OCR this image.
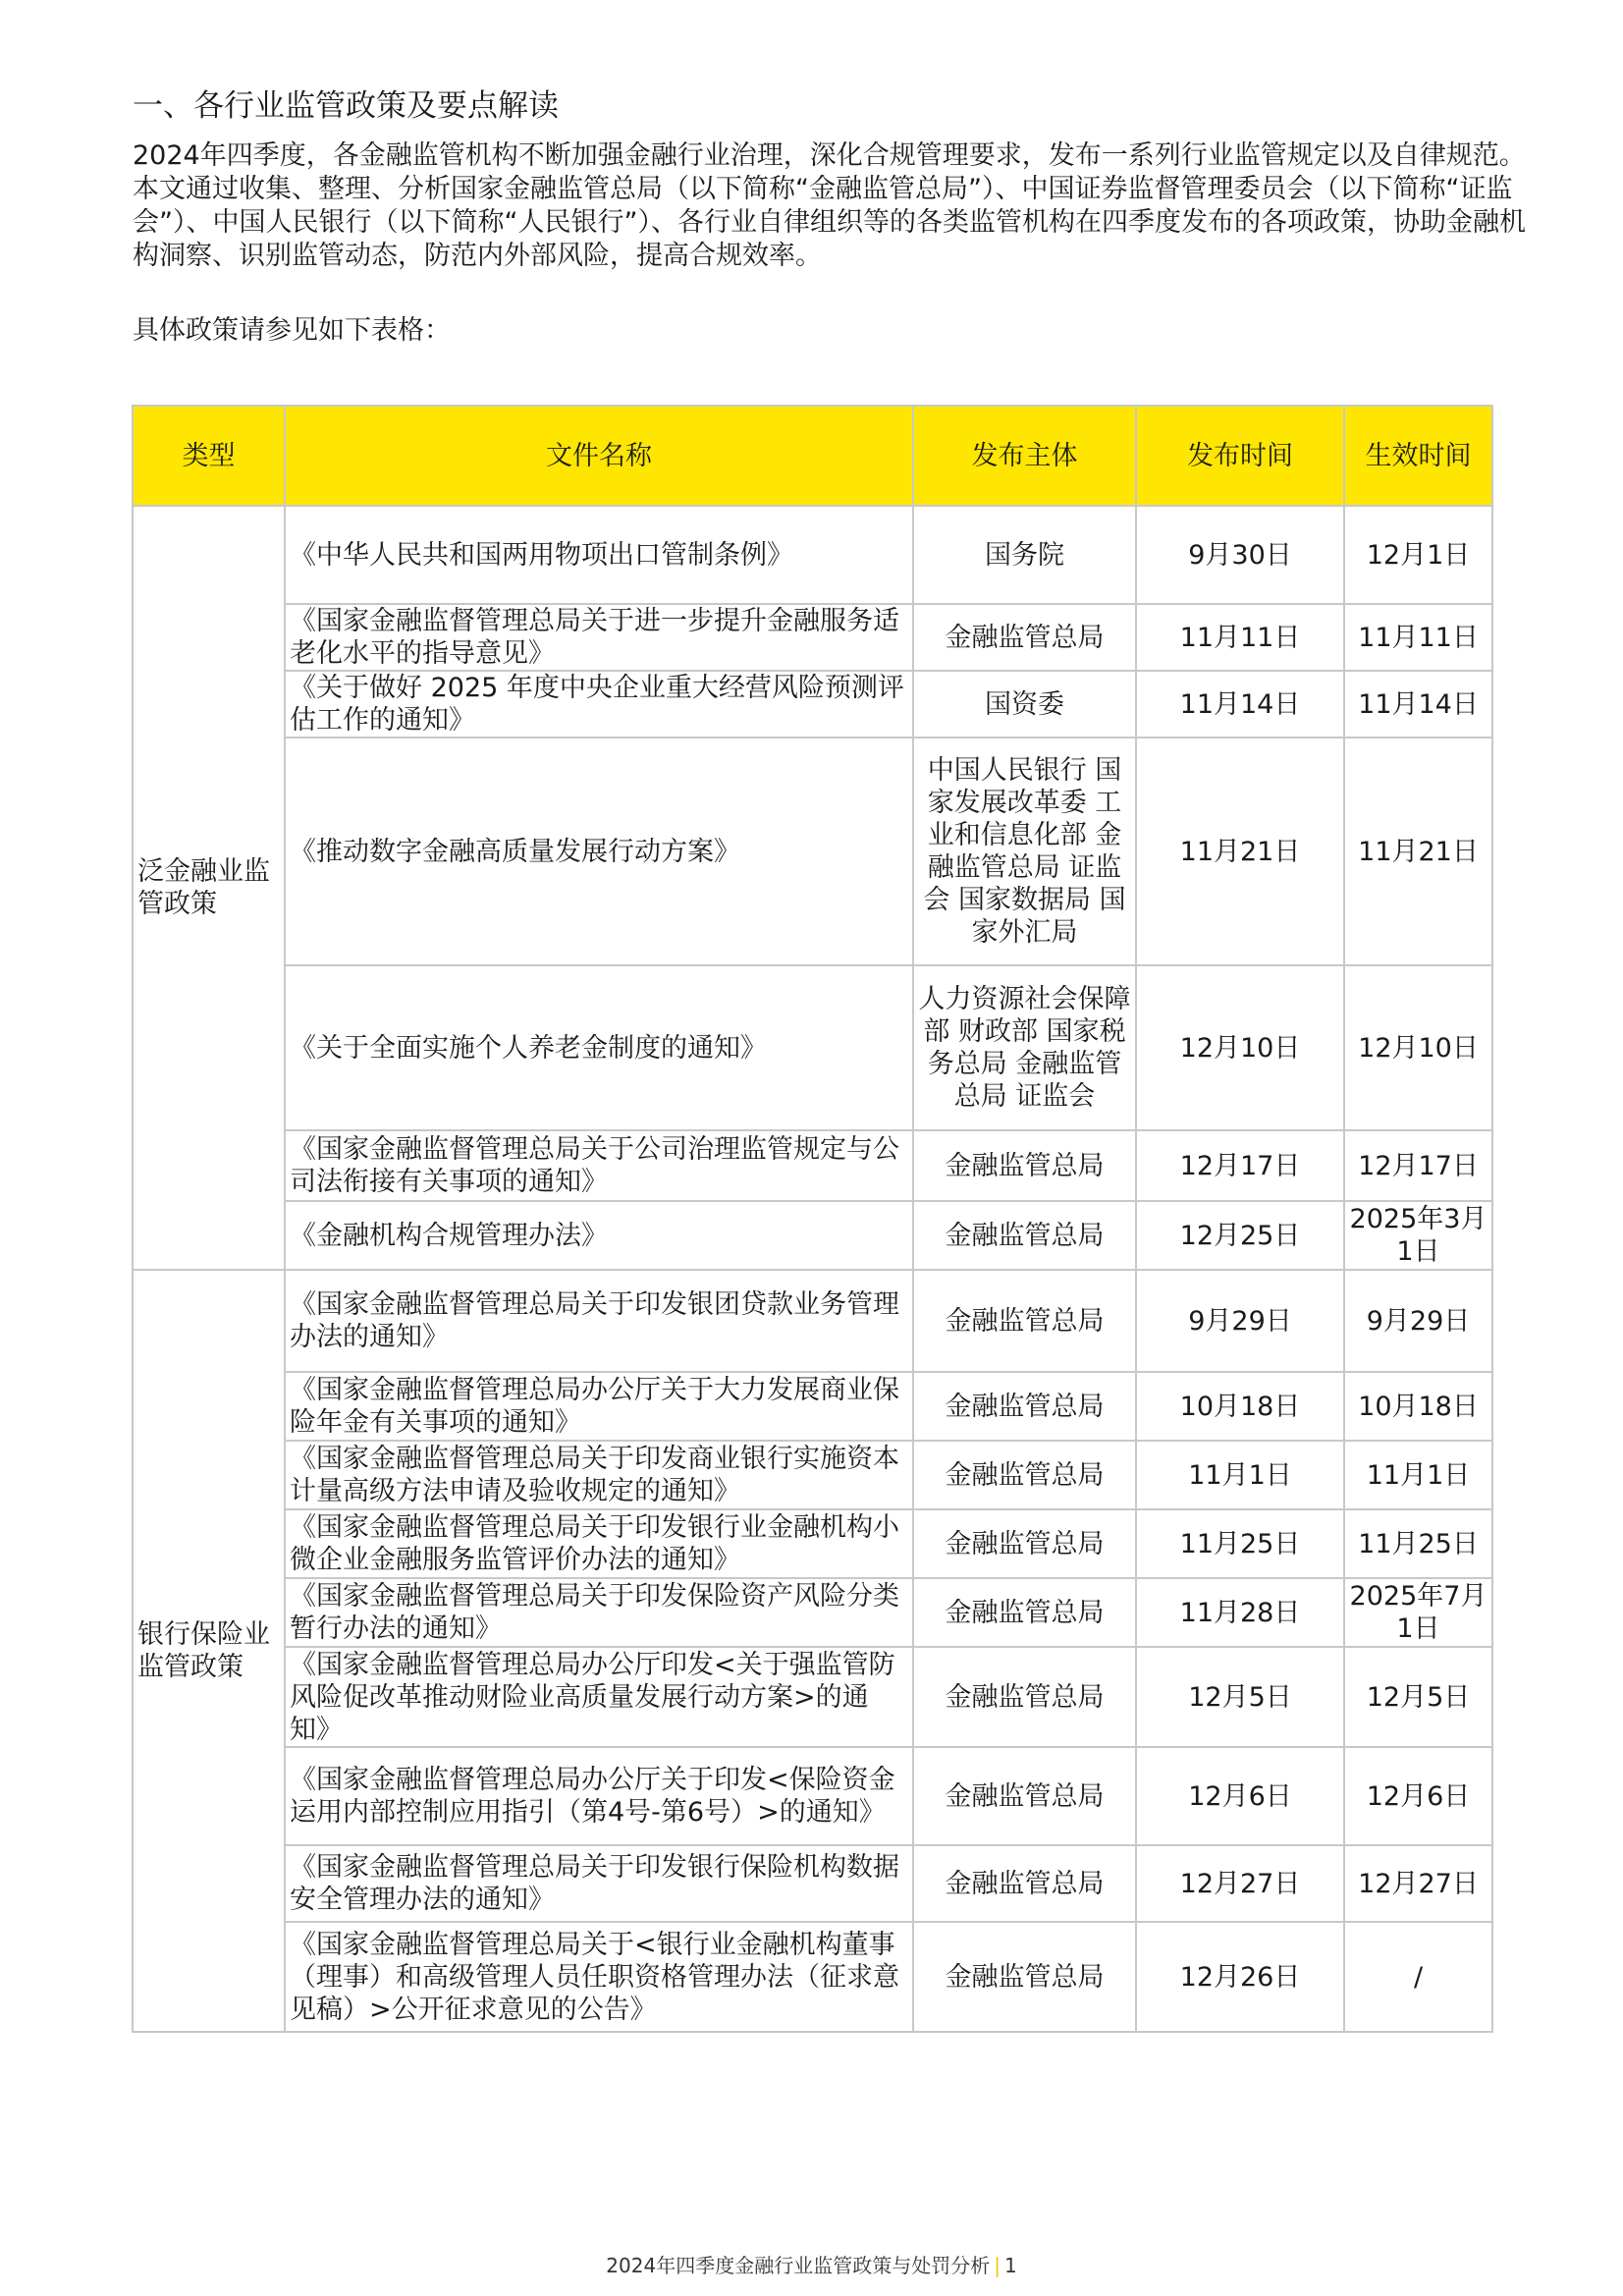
一、各行业监管政策及要点解读

2024年四季度，各金融监管机构不断加强金融行业治理，深化合规管理要求，发布一系列行业监管规定以及自律规范。本文通过收集、整理、分析国家金融监管总局（以下简称“金融监管总局”）、中国证券监督管理委员会（以下简称“证监会”）、中国人民银行（以下简称“人民银行”）、各行业自律组织等的各类监管机构在四季度发布的各项政策，协助金融机构洞察、识别监管动态，防范内外部风险，提高合规效率。

具体政策请参见如下表格：

类型	文件名称	发布主体	发布时间	生效时间
泛金融业监管政策	《中华人民共和国两用物项出口管制条例》	国务院	9月30日	12月1日
	《国家金融监督管理总局关于进一步提升金融服务适老化水平的指导意见》	金融监管总局	11月11日	11月11日
	《关于做好 2025 年度中央企业重大经营风险预测评估工作的通知》	国资委	11月14日	11月14日
	《推动数字金融高质量发展行动方案》	中国人民银行 国家发展改革委 工业和信息化部 金融监管总局 证监会 国家数据局 国家外汇局	11月21日	11月21日
	《关于全面实施个人养老金制度的通知》	人力资源社会保障部 财政部 国家税务总局 金融监管总局 证监会	12月10日	12月10日
	《国家金融监督管理总局关于公司治理监管规定与公司法衔接有关事项的通知》	金融监管总局	12月17日	12月17日
	《金融机构合规管理办法》	金融监管总局	12月25日	2025年3月1日
银行保险业监管政策	《国家金融监督管理总局关于印发银团贷款业务管理办法的通知》	金融监管总局	9月29日	9月29日
	《国家金融监督管理总局办公厅关于大力发展商业保险年金有关事项的通知》	金融监管总局	10月18日	10月18日
	《国家金融监督管理总局关于印发商业银行实施资本计量高级方法申请及验收规定的通知》	金融监管总局	11月1日	11月1日
	《国家金融监督管理总局关于印发银行业金融机构小微企业金融服务监管评价办法的通知》	金融监管总局	11月25日	11月25日
	《国家金融监督管理总局关于印发保险资产风险分类暂行办法的通知》	金融监管总局	11月28日	2025年7月1日
	《国家金融监督管理总局办公厅印发<关于强监管防风险促改革推动财险业高质量发展行动方案>的通知》	金融监管总局	12月5日	12月5日
	《国家金融监督管理总局办公厅关于印发<保险资金运用内部控制应用指引（第4号-第6号）>的通知》	金融监管总局	12月6日	12月6日
	《国家金融监督管理总局关于印发银行保险机构数据安全管理办法的通知》	金融监管总局	12月27日	12月27日
	《国家金融监督管理总局关于<银行业金融机构董事（理事）和高级管理人员任职资格管理办法（征求意见稿）>公开征求意见的公告》	金融监管总局	12月26日	/
2024年四季度金融行业监管政策与处罚分析 | 1
